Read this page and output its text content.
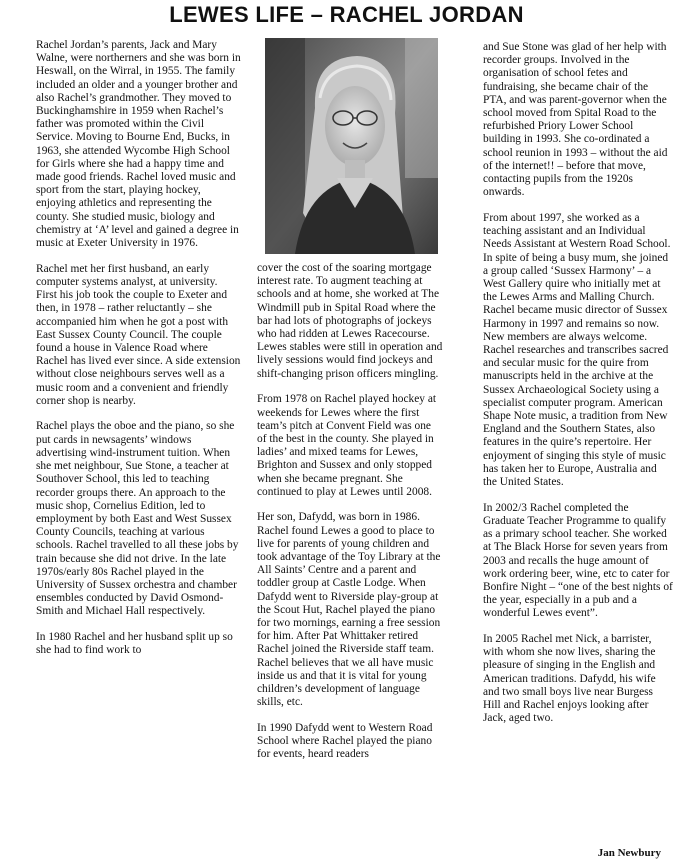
LEWES LIFE – RACHEL JORDAN

Rachel Jordan’s parents, Jack and Mary Walne, were northerners and she was born in Heswall, on the Wirral, in 1955. The family included an older and a younger brother and also Rachel’s grandmother. They moved to Buckinghamshire in 1959 when Rachel’s father was promoted within the Civil Service. Moving to Bourne End, Bucks, in 1963, she attended Wycombe High School for Girls where she had a happy time and made good friends. Rachel loved music and sport from the start, playing hockey, enjoying athletics and representing the county. She studied music, biology and chemistry at ‘A’ level and gained a degree in music at Exeter University in 1976.

Rachel met her first husband, an early computer systems analyst, at university. First his job took the couple to Exeter and then, in 1978 – rather reluctantly – she accompanied him when he got a post with East Sussex County Council. The couple found a house in Valence Road where Rachel has lived ever since. A side extension without close neighbours serves well as a music room and a convenient and friendly corner shop is nearby.

Rachel plays the oboe and the piano, so she put cards in newsagents’ windows advertising wind-instrument tuition. When she met neighbour, Sue Stone, a teacher at Southover School, this led to teaching recorder groups there. An approach to the music shop, Cornelius Edition, led to employment by both East and West Sussex County Councils, teaching at various schools. Rachel travelled to all these jobs by train because she did not drive. In the late 1970s/early 80s Rachel played in the University of Sussex orchestra and chamber ensembles conducted by David Osmond-Smith and Michael Hall respectively.

In 1980 Rachel and her husband split up so she had to find work to

cover the cost of the soaring mortgage interest rate. To augment teaching at schools and at home, she worked at The Windmill pub in Spital Road where the bar had lots of photographs of jockeys who had ridden at Lewes Racecourse. Lewes stables were still in operation and lively sessions would find jockeys and shift-changing prison officers mingling.

From 1978 on Rachel played hockey at weekends for Lewes where the first team’s pitch at Convent Field was one of the best in the county. She played in ladies’ and mixed teams for Lewes, Brighton and Sussex and only stopped when she became pregnant. She continued to play at Lewes until 2008.

Her son, Dafydd, was born in 1986. Rachel found Lewes a good to place to live for parents of young children and took advantage of the Toy Library at the All Saints’ Centre and a parent and toddler group at Castle Lodge. When Dafydd went to Riverside play-group at the Scout Hut, Rachel played the piano for two mornings, earning a free session for him. After Pat Whittaker retired Rachel joined the Riverside staff team. Rachel believes that we all have music inside us and that it is vital for young children’s development of language skills, etc.

In 1990 Dafydd went to Western Road School where Rachel played the piano for events, heard readers

and Sue Stone was glad of her help with recorder groups. Involved in the organisation of school fetes and fundraising, she became chair of the PTA, and was parent-governor when the school moved from Spital Road to the refurbished Priory Lower School building in 1993. She co-ordinated a school reunion in 1993 – without the aid of the internet!! – before that move, contacting pupils from the 1920s onwards.

From about 1997, she worked as a teaching assistant and an Individual Needs Assistant at Western Road School. In spite of being a busy mum, she joined a group called ‘Sussex Harmony’ – a West Gallery quire who initially met at the Lewes Arms and Malling Church. Rachel became music director of Sussex Harmony in 1997 and remains so now. New members are always welcome. Rachel researches and transcribes sacred and secular music for the quire from manuscripts held in the archive at the Sussex Archaeological Society using a specialist computer program. American Shape Note music, a tradition from New England and the Southern States, also features in the quire’s repertoire. Her enjoyment of singing this style of music has taken her to Europe, Australia and the United States.

In 2002/3 Rachel completed the Graduate Teacher Programme to qualify as a primary school teacher. She worked at The Black Horse for seven years from 2003 and recalls the huge amount of work ordering beer, wine, etc to cater for Bonfire Night – “one of the best nights of the year, especially in a pub and a wonderful Lewes event”.

In 2005 Rachel met Nick, a barrister, with whom she now lives, sharing the pleasure of singing in the English and American traditions. Dafydd, his wife and two small boys live near Burgess Hill and Rachel enjoys looking after Jack, aged two.

Jan Newbury
